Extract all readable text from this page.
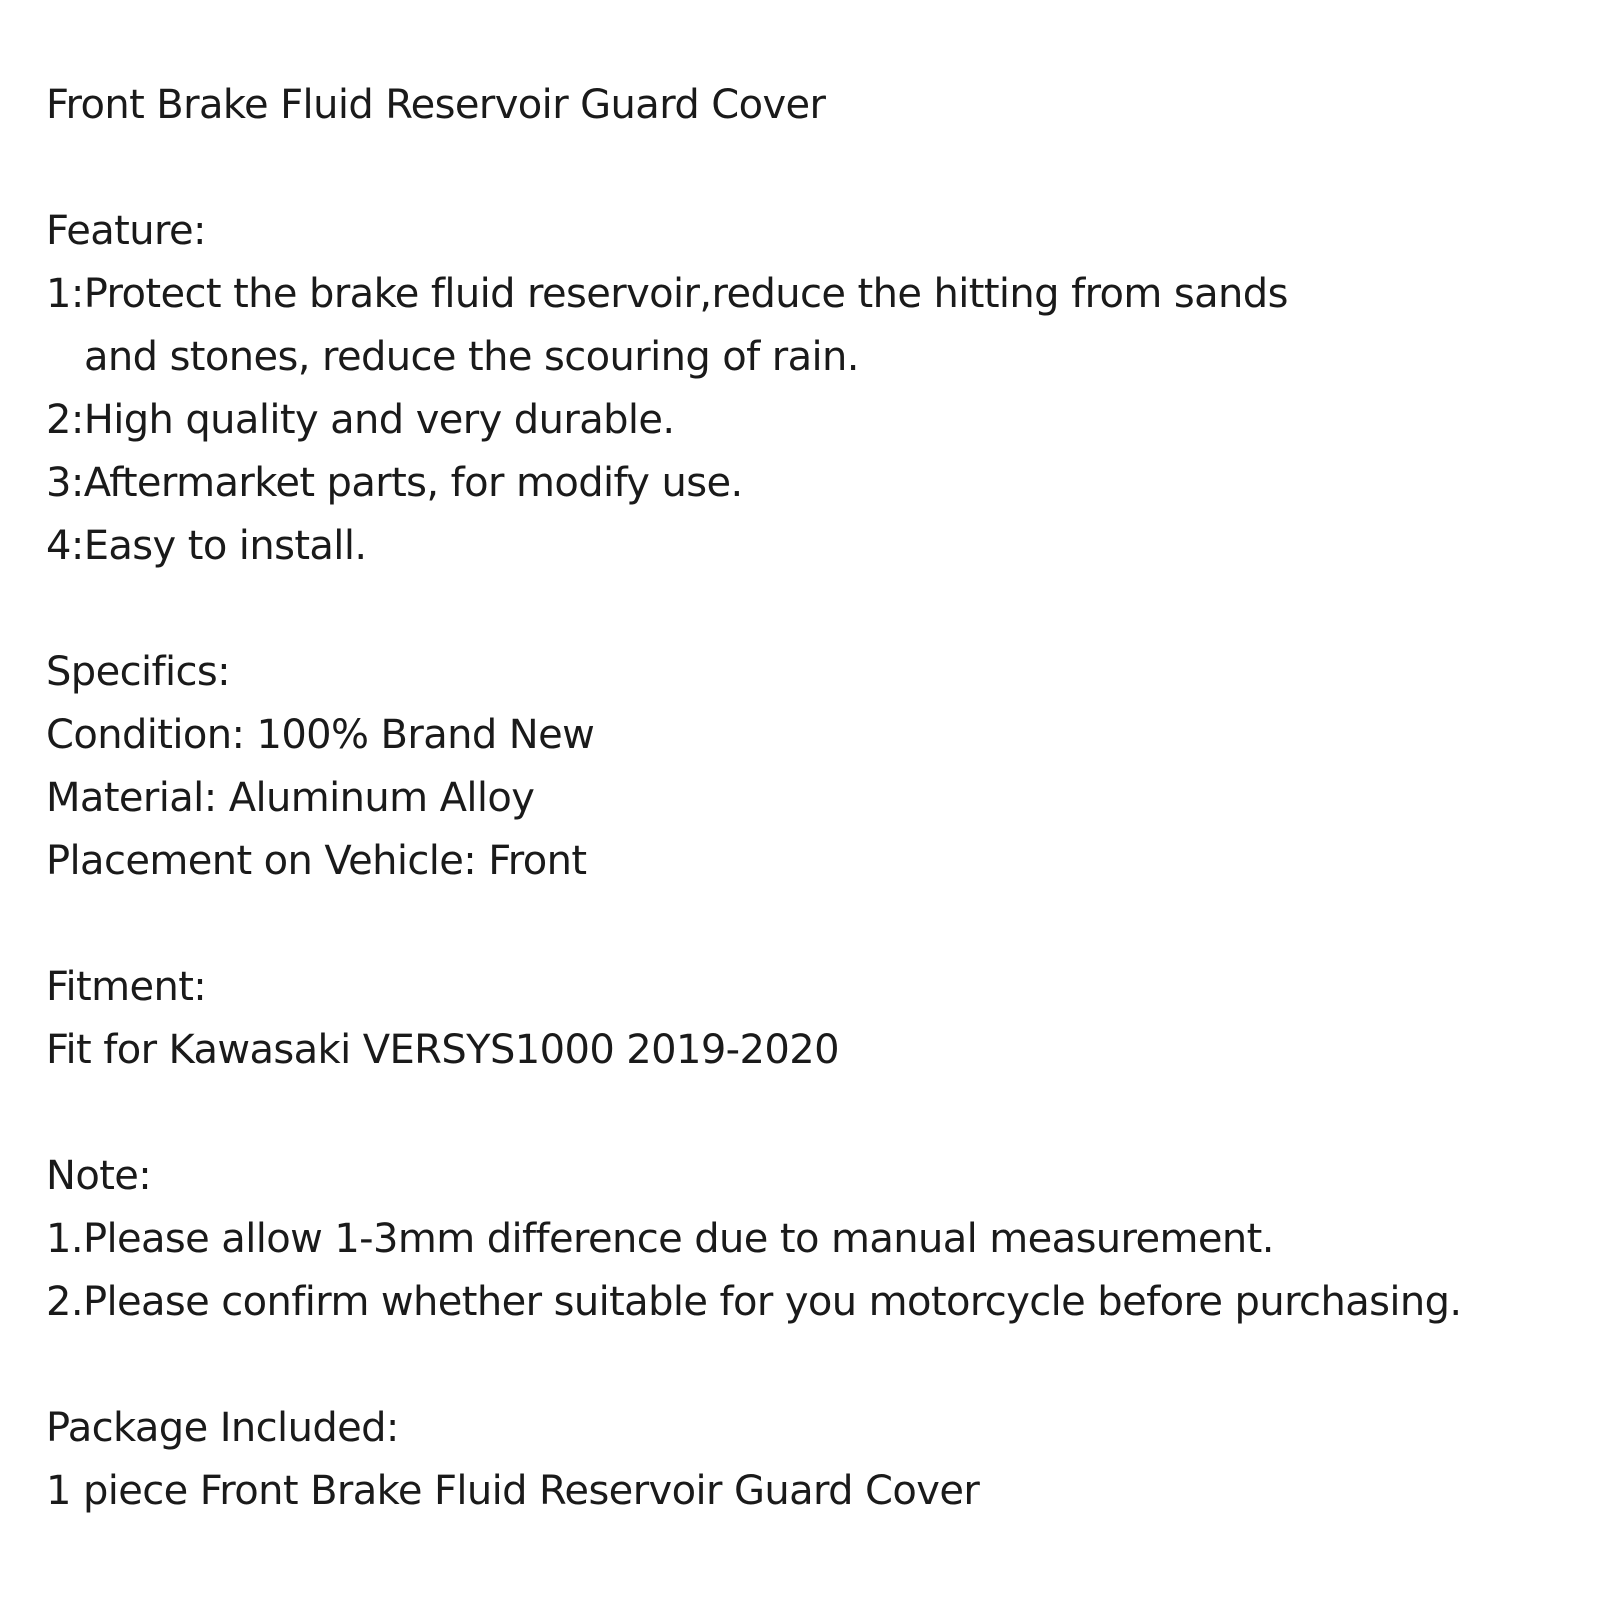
Front Brake Fluid Reservoir Guard Cover
Feature:
1:Protect the brake fluid reservoir,reduce the hitting from sands
and stones, reduce the scouring of rain.
2:High quality and very durable.
3:Aftermarket parts, for modify use.
4:Easy to install.
Specifics:
Condition: 100% Brand New
Material: Aluminum Alloy
Placement on Vehicle: Front
Fitment:
Fit for Kawasaki VERSYS1000 2019-2020
Note:
1.Please allow 1-3mm difference due to manual measurement.
2.Please confirm whether suitable for you motorcycle before purchasing.
Package Included:
1 piece Front Brake Fluid Reservoir Guard Cover
